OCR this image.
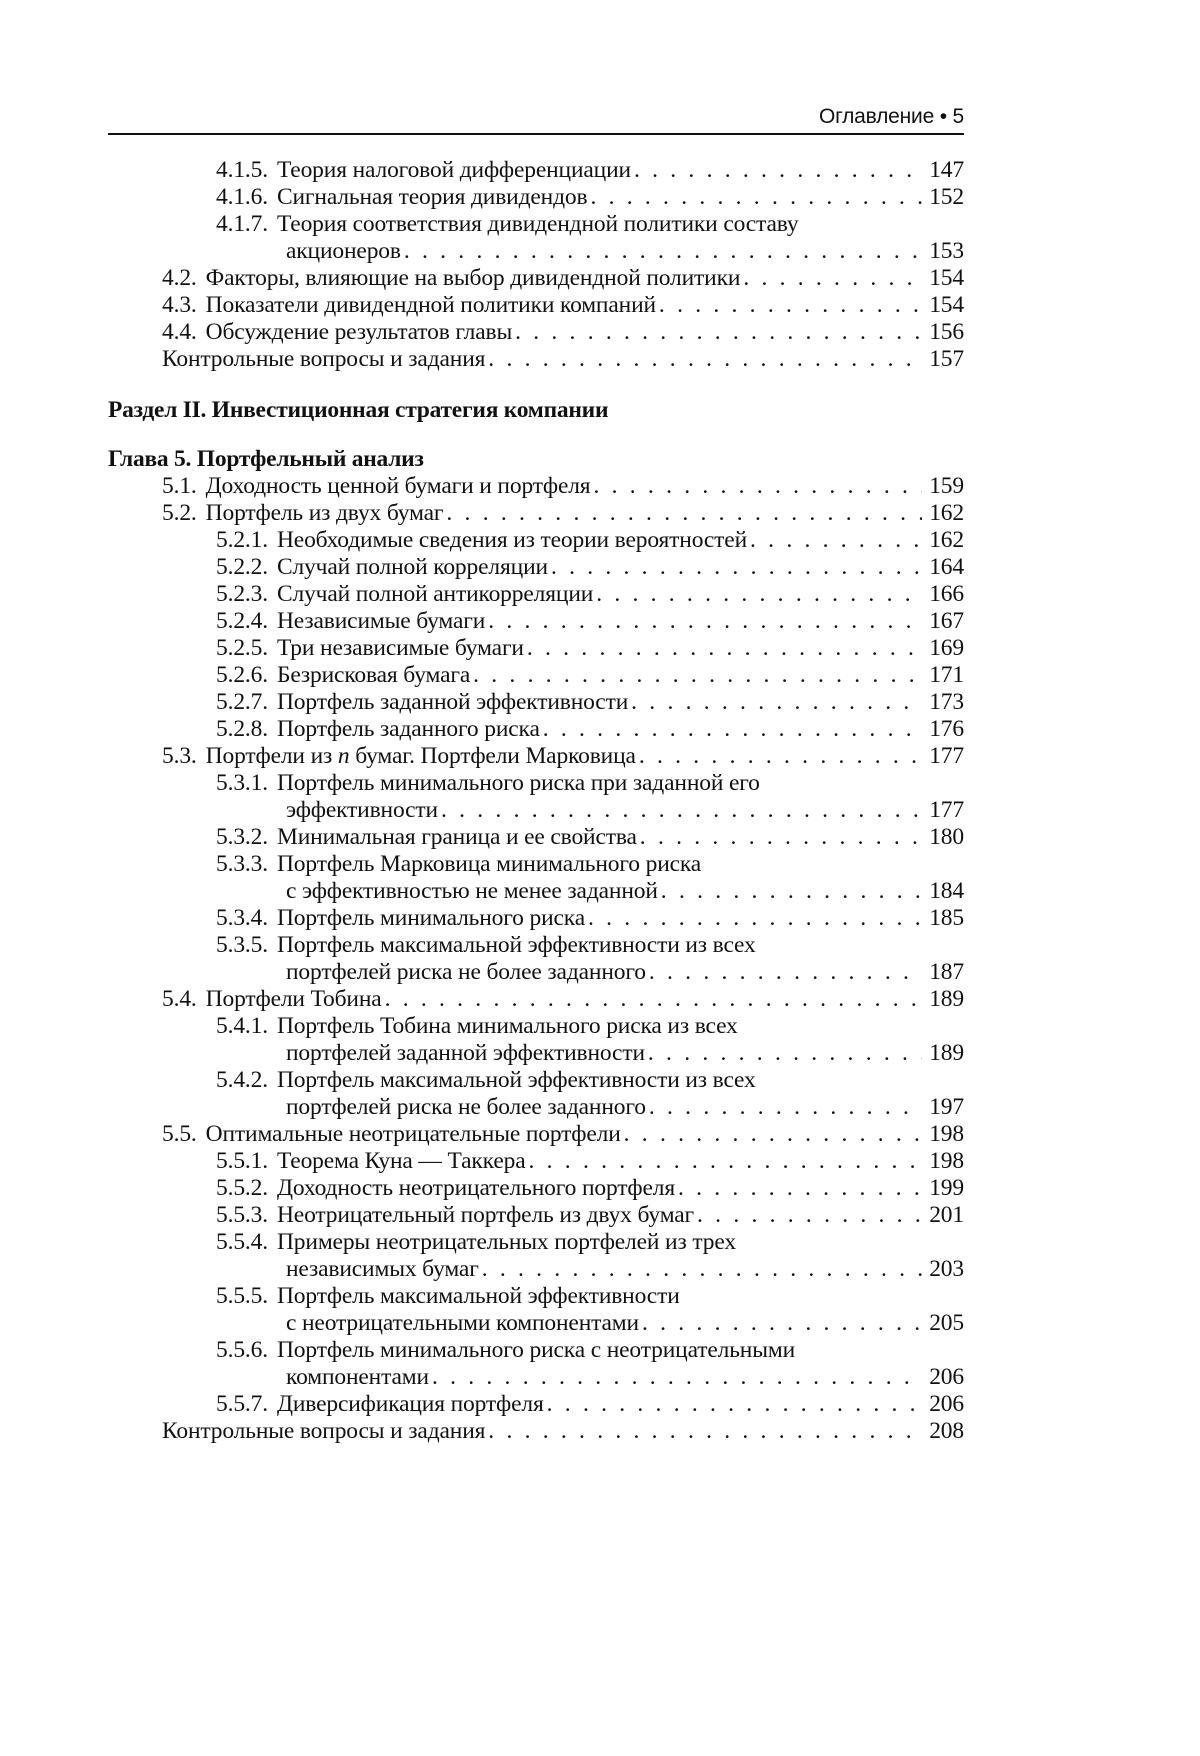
Оглавление • 5
4.1.5. Теория налоговой дифференциации . . .	147
4.1.6. Сигнальная теория дивидендов . . .	152
4.1.7. Теория соответствия дивидендной политики составу
акционеров . . .	153
4.2. Факторы, влияющие на выбор дивидендной политики . . .	154
4.3. Показатели дивидендной политики компаний . . .	154
4.4. Обсуждение результатов главы . . .	156
Контрольные вопросы и задания . . .	157
Раздел II. Инвестиционная стратегия компании
Глава 5. Портфельный анализ
5.1. Доходность ценной бумаги и портфеля . . .	159
5.2. Портфель из двух бумаг . . .	162
5.2.1. Необходимые сведения из теории вероятностей . . .	162
5.2.2. Случай полной корреляции . . .	164
5.2.3. Случай полной антикорреляции . . .	166
5.2.4. Независимые бумаги . . .	167
5.2.5. Три независимые бумаги . . .	169
5.2.6. Безрисковая бумага . . .	171
5.2.7. Портфель заданной эффективности . . .	173
5.2.8. Портфель заданного риска . . .	176
5.3. Портфели из n бумаг. Портфели Марковица . . .	177
5.3.1. Портфель минимального риска при заданной его
эффективности . . .	177
5.3.2. Минимальная граница и ее свойства . . .	180
5.3.3. Портфель Марковица минимального риска
с эффективностью не менее заданной . . .	184
5.3.4. Портфель минимального риска . . .	185
5.3.5. Портфель максимальной эффективности из всех
портфелей риска не более заданного . . .	187
5.4. Портфели Тобина . . .	189
5.4.1. Портфель Тобина минимального риска из всех
портфелей заданной эффективности . . .	189
5.4.2. Портфель максимальной эффективности из всех
портфелей риска не более заданного . . .	197
5.5. Оптимальные неотрицательные портфели . . .	198
5.5.1. Теорема Куна — Таккера . . .	198
5.5.2. Доходность неотрицательного портфеля . . .	199
5.5.3. Неотрицательный портфель из двух бумаг . . .	201
5.5.4. Примеры неотрицательных портфелей из трех
независимых бумаг . . .	203
5.5.5. Портфель максимальной эффективности
с неотрицательными компонентами . . .	205
5.5.6. Портфель минимального риска с неотрицательными
компонентами . . .	206
5.5.7. Диверсификация портфеля . . .	206
Контрольные вопросы и задания . . .	208
